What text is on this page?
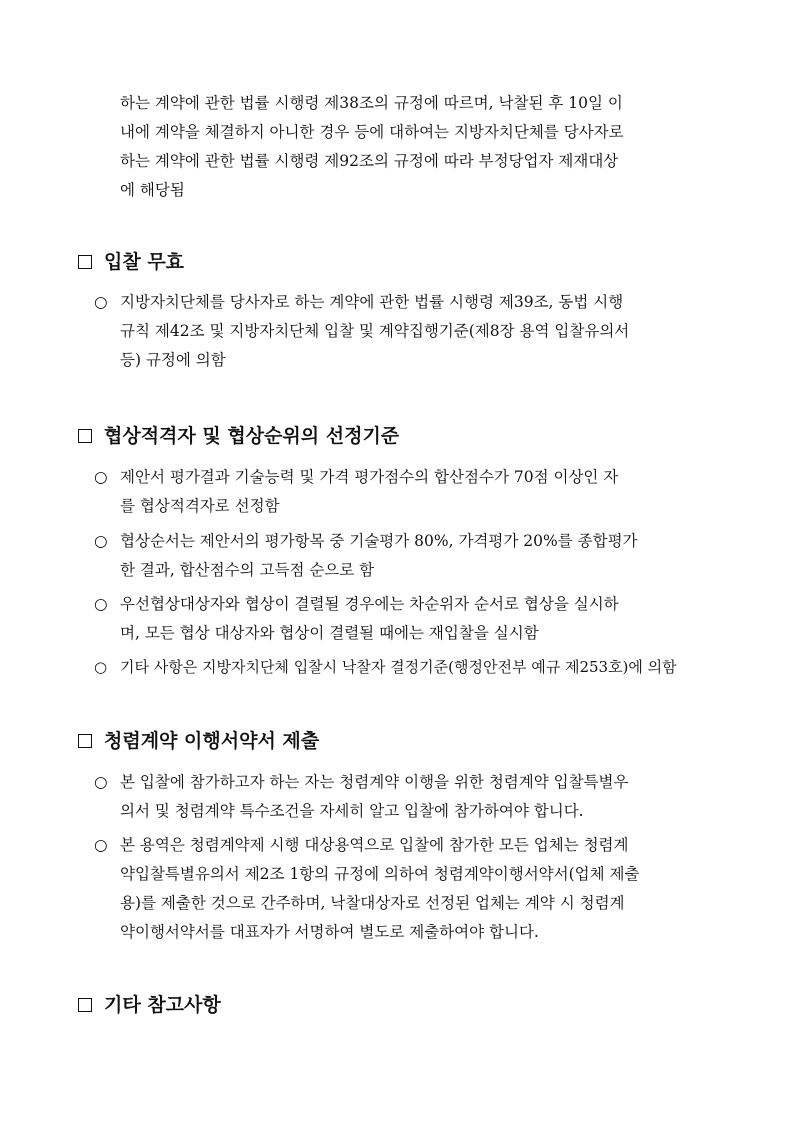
하는 계약에 관한 법률 시행령 제38조의 규정에 따르며, 낙찰된 후 10일 이
내에 계약을 체결하지 아니한 경우 등에 대하여는 지방자치단체를 당사자로
하는 계약에 관한 법률 시행령 제92조의 규정에 따라 부정당업자 제재대상
에 해당됨
입찰 무효
○ 지방자치단체를 당사자로 하는 계약에 관한 법률 시행령 제39조, 동법 시행
규칙 제42조 및 지방자치단체 입찰 및 계약집행기준(제8장 용역 입찰유의서
등) 규정에 의함
협상적격자 및 협상순위의 선정기준
○ 제안서 평가결과 기술능력 및 가격 평가점수의 합산점수가 70점 이상인 자
를 협상적격자로 선정함
○ 협상순서는 제안서의 평가항목 중 기술평가 80%, 가격평가 20%를 종합평가
한 결과, 합산점수의 고득점 순으로 함
○ 우선협상대상자와 협상이 결렬될 경우에는 차순위자 순서로 협상을 실시하
며, 모든 협상 대상자와 협상이 결렬될 때에는 재입찰을 실시함
○ 기타 사항은 지방자치단체 입찰시 낙찰자 결정기준(행정안전부 예규 제253호)에 의함
청렴계약 이행서약서 제출
○ 본 입찰에 참가하고자 하는 자는 청렴계약 이행을 위한 청렴계약 입찰특별우
의서 및 청렴계약 특수조건을 자세히 알고 입찰에 참가하여야 합니다.
○ 본 용역은 청렴계약제 시행 대상용역으로 입찰에 참가한 모든 업체는 청렴계
약입찰특별유의서 제2조 1항의 규정에 의하여 청렴계약이행서약서(업체 제출
용)를 제출한 것으로 간주하며, 낙찰대상자로 선정된 업체는 계약 시 청렴계
약이행서약서를 대표자가 서명하여 별도로 제출하여야 합니다.
기타 참고사항
